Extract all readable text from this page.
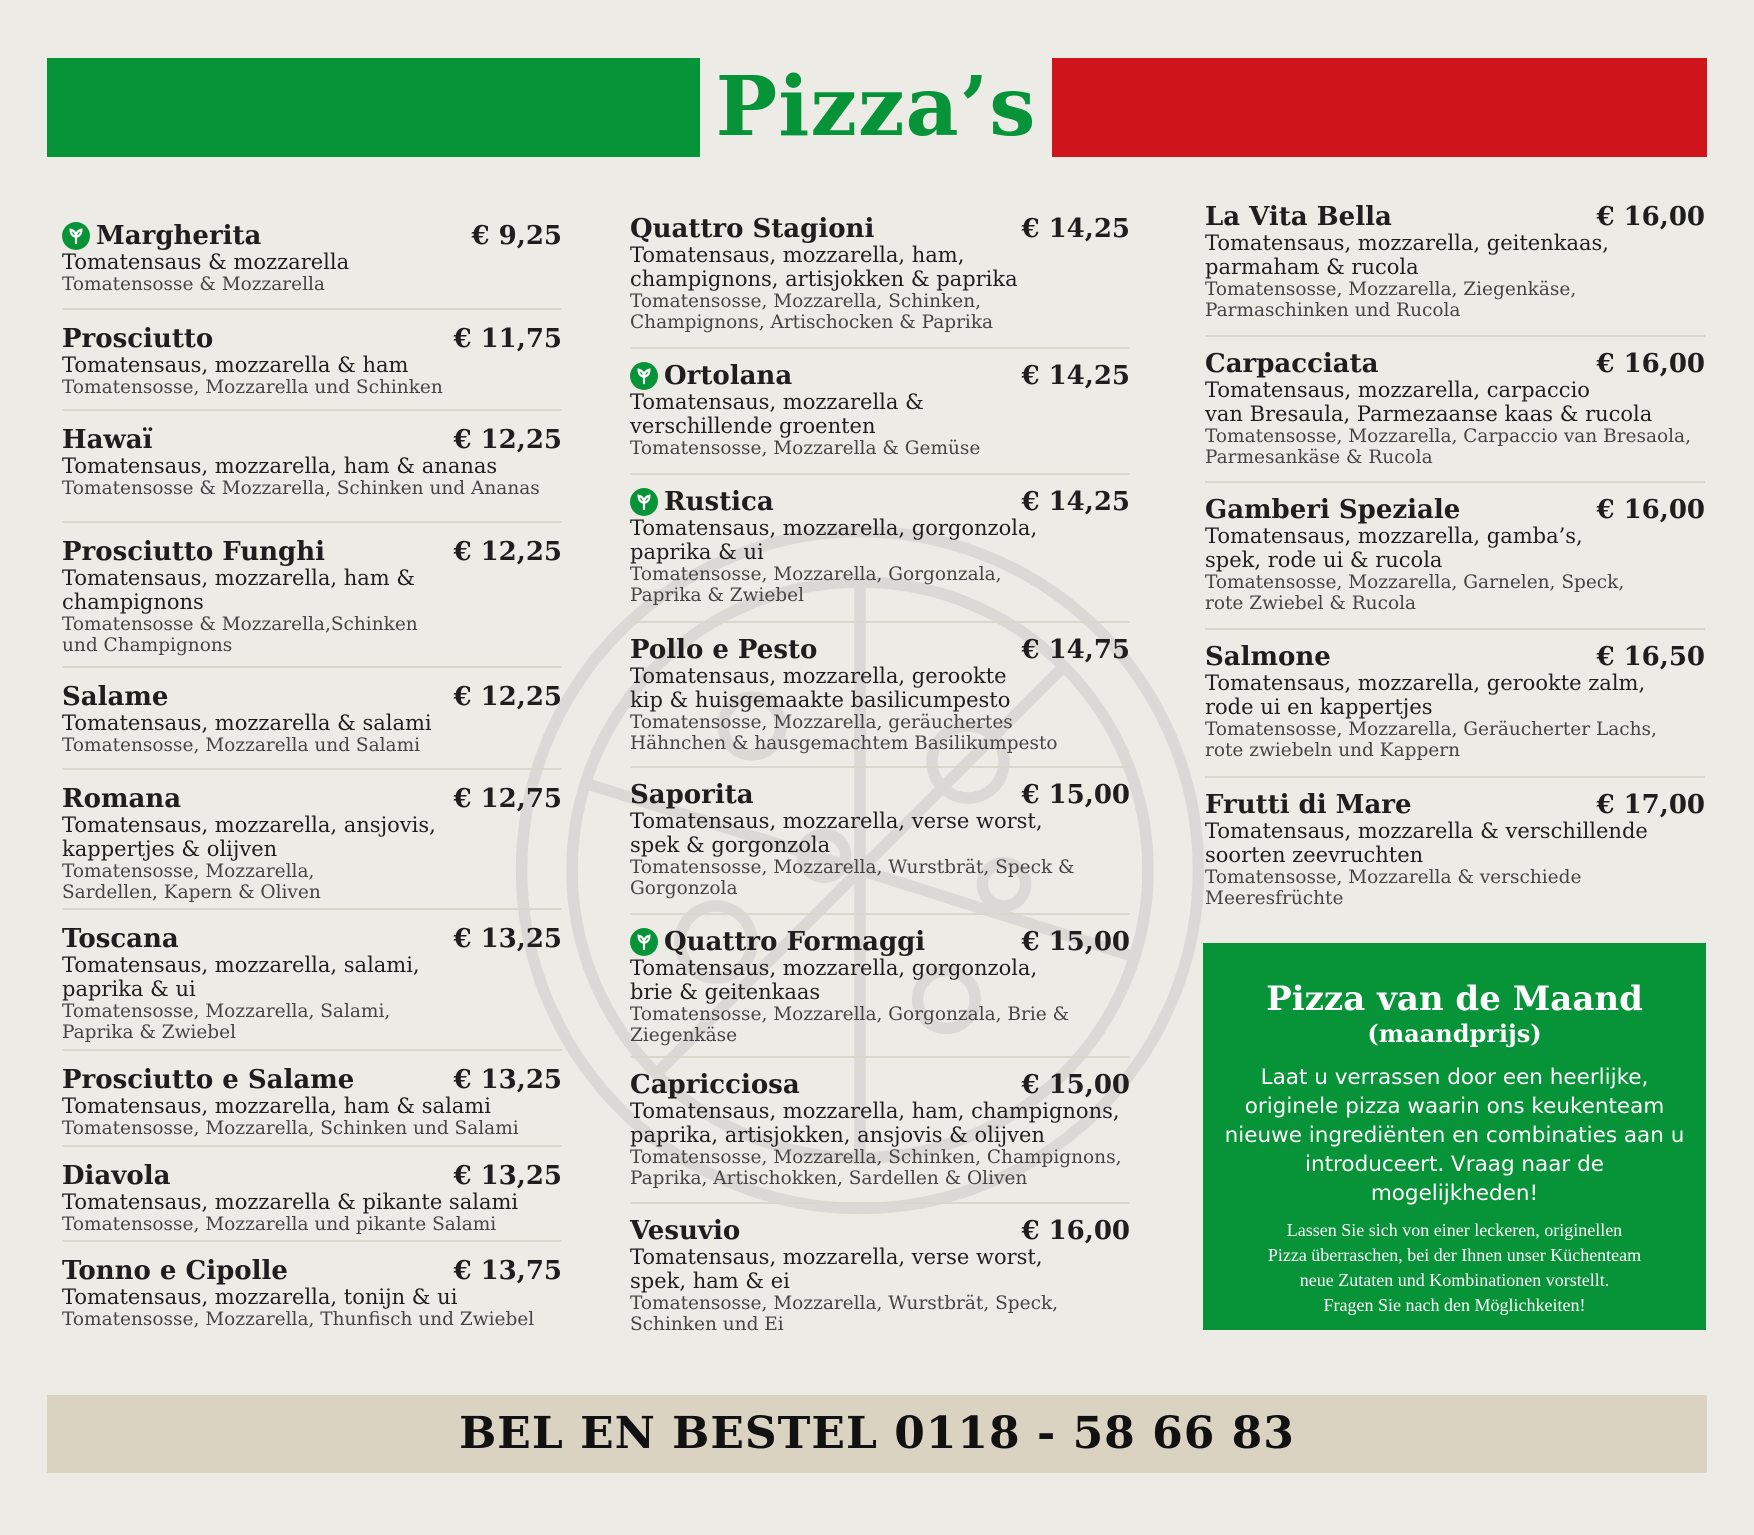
Pizza’s
Margherita	€ 9,25
Tomatensaus & mozzarella
Tomatensosse & Mozzarella
Prosciutto	€ 11,75
Tomatensaus, mozzarella & ham
Tomatensosse, Mozzarella und Schinken
Hawaï	€ 12,25
Tomatensaus, mozzarella, ham & ananas
Tomatensosse & Mozzarella, Schinken und Ananas
Prosciutto Funghi	€ 12,25
Tomatensaus, mozzarella, ham &
champignons
Tomatensosse & Mozzarella,Schinken
und Champignons
Salame	€ 12,25
Tomatensaus, mozzarella & salami
Tomatensosse, Mozzarella und Salami
Romana	€ 12,75
Tomatensaus, mozzarella, ansjovis,
kappertjes & olijven
Tomatensosse, Mozzarella,
Sardellen, Kapern & Oliven
Toscana	€ 13,25
Tomatensaus, mozzarella, salami,
paprika & ui
Tomatensosse, Mozzarella, Salami,
Paprika & Zwiebel
Prosciutto e Salame	€ 13,25
Tomatensaus, mozzarella, ham & salami
Tomatensosse, Mozzarella, Schinken und Salami
Diavola	€ 13,25
Tomatensaus, mozzarella & pikante salami
Tomatensosse, Mozzarella und pikante Salami
Tonno e Cipolle	€ 13,75
Tomatensaus, mozzarella, tonijn & ui
Tomatensosse, Mozzarella, Thunfisch und Zwiebel
Quattro Stagioni	€ 14,25
Tomatensaus, mozzarella, ham,
champignons, artisjokken & paprika
Tomatensosse, Mozzarella, Schinken,
Champignons, Artischocken & Paprika
Ortolana	€ 14,25
Tomatensaus, mozzarella &
verschillende groenten
Tomatensosse, Mozzarella & Gemüse
Rustica	€ 14,25
Tomatensaus, mozzarella, gorgonzola,
paprika & ui
Tomatensosse, Mozzarella, Gorgonzala,
Paprika & Zwiebel
Pollo e Pesto	€ 14,75
Tomatensaus, mozzarella, gerookte
kip & huisgemaakte basilicumpesto
Tomatensosse, Mozzarella, geräuchertes
Hähnchen & hausgemachtem Basilikumpesto
Saporita	€ 15,00
Tomatensaus, mozzarella, verse worst,
spek & gorgonzola
Tomatensosse, Mozzarella, Wurstbrät, Speck &
Gorgonzola
Quattro Formaggi	€ 15,00
Tomatensaus, mozzarella, gorgonzola,
brie & geitenkaas
Tomatensosse, Mozzarella, Gorgonzala, Brie &
Ziegenkäse
Capricciosa	€ 15,00
Tomatensaus, mozzarella, ham, champignons,
paprika, artisjokken, ansjovis & olijven
Tomatensosse, Mozzarella, Schinken, Champignons,
Paprika, Artischokken, Sardellen & Oliven
Vesuvio	€ 16,00
Tomatensaus, mozzarella, verse worst,
spek, ham & ei
Tomatensosse, Mozzarella, Wurstbrät, Speck,
Schinken und Ei
La Vita Bella	€ 16,00
Tomatensaus, mozzarella, geitenkaas,
parmaham & rucola
Tomatensosse, Mozzarella, Ziegenkäse,
Parmaschinken und Rucola
Carpacciata	€ 16,00
Tomatensaus, mozzarella, carpaccio
van Bresaula, Parmezaanse kaas & rucola
Tomatensosse, Mozzarella, Carpaccio van Bresaola,
Parmesankäse & Rucola
Gamberi Speziale	€ 16,00
Tomatensaus, mozzarella, gamba’s,
spek, rode ui & rucola
Tomatensosse, Mozzarella, Garnelen, Speck,
rote Zwiebel & Rucola
Salmone	€ 16,50
Tomatensaus, mozzarella, gerookte zalm,
rode ui en kappertjes
Tomatensosse, Mozzarella, Geräucherter Lachs,
rote zwiebeln und Kappern
Frutti di Mare	€ 17,00
Tomatensaus, mozzarella & verschillende
soorten zeevruchten
Tomatensosse, Mozzarella & verschiede Meeresfrüchte
Pizza van de Maand
(maandprijs)
Laat u verrassen door een heerlijke,
originele pizza waarin ons keukenteam
nieuwe ingrediënten en combinaties aan u
introduceert. Vraag naar de mogelijkheden!
Lassen Sie sich von einer leckeren, originellen
Pizza überraschen, bei der Ihnen unser Küchenteam
neue Zutaten und Kombinationen vorstellt.
Fragen Sie nach den Möglichkeiten!
BEL EN BESTEL 0118 - 58 66 83
